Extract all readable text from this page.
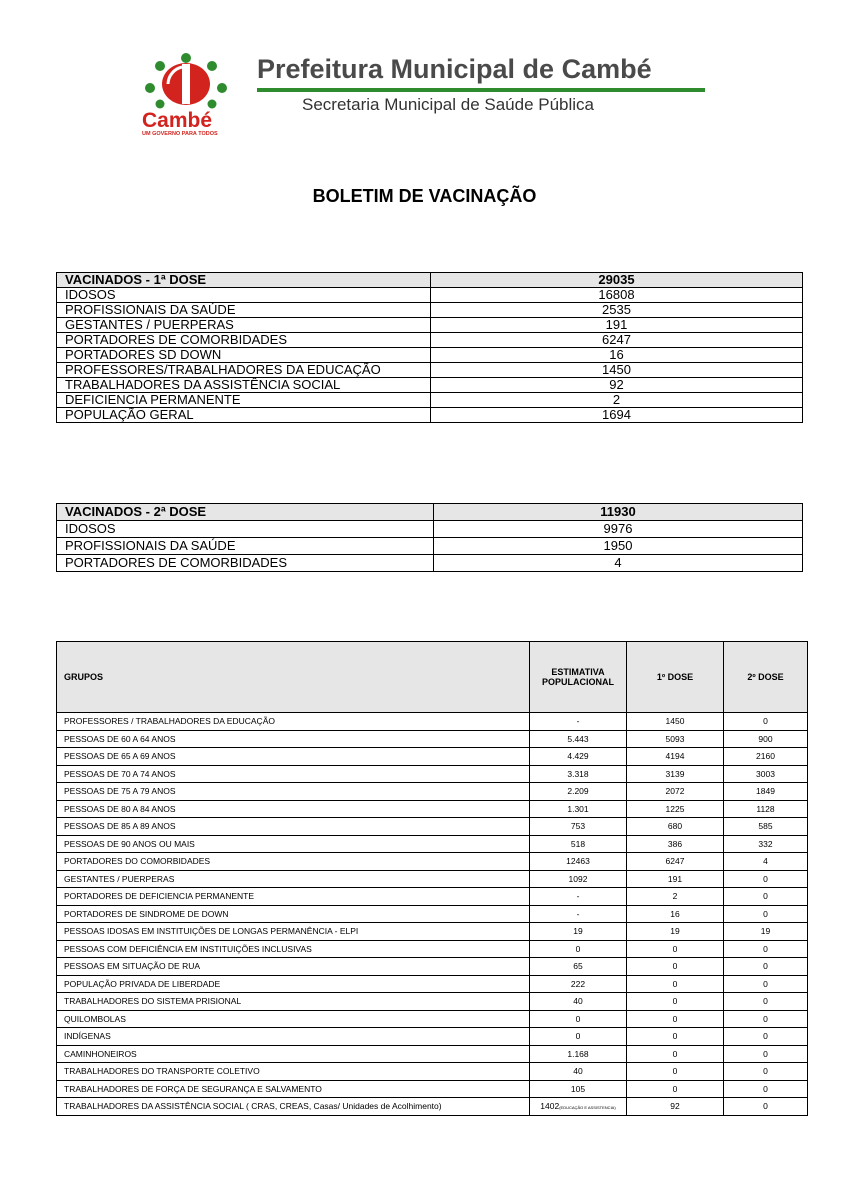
Cambé
UM GOVERNO PARA TODOS
Prefeitura Municipal de Cambé
Secretaria Municipal de Saúde Pública
BOLETIM DE VACINAÇÃO
VACINADOS - 1ª DOSE	29035
IDOSOS	16808
PROFISSIONAIS DA SAÚDE	2535
GESTANTES / PUERPERAS	191
PORTADORES DE COMORBIDADES	6247
PORTADORES SD DOWN	16
PROFESSORES/TRABALHADORES DA EDUCAÇÃO	1450
TRABALHADORES DA ASSISTÊNCIA SOCIAL	92
DEFICIENCIA PERMANENTE	2
POPULAÇÃO GERAL	1694
VACINADOS - 2ª DOSE	11930
IDOSOS	9976
PROFISSIONAIS DA SAÚDE	1950
PORTADORES DE COMORBIDADES	4
GRUPOS	ESTIMATIVA POPULACIONAL	1º DOSE	2º DOSE
PROFESSORES / TRABALHADORES DA EDUCAÇÃO	-	1450	0
PESSOAS DE 60 A 64 ANOS	5.443	5093	900
PESSOAS DE 65 A 69 ANOS	4.429	4194	2160
PESSOAS DE 70 A 74 ANOS	3.318	3139	3003
PESSOAS DE 75 A 79 ANOS	2.209	2072	1849
PESSOAS DE 80 A 84 ANOS	1.301	1225	1128
PESSOAS DE 85 A 89 ANOS	753	680	585
PESSOAS DE 90 ANOS OU MAIS	518	386	332
PORTADORES DO COMORBIDADES	12463	6247	4
GESTANTES / PUERPERAS	1092	191	0
PORTADORES DE DEFICIENCIA PERMANENTE	-	2	0
PORTADORES DE SINDROME DE DOWN	-	16	0
PESSOAS IDOSAS EM INSTITUIÇÕES DE LONGAS PERMANÊNCIA - ELPI	19	19	19
PESSOAS COM DEFICIÊNCIA EM INSTITUIÇÕES INCLUSIVAS	0	0	0
PESSOAS EM SITUAÇÃO DE RUA	65	0	0
POPULAÇÃO PRIVADA DE LIBERDADE	222	0	0
TRABALHADORES DO SISTEMA PRISIONAL	40	0	0
QUILOMBOLAS	0	0	0
INDÍGENAS	0	0	0
CAMINHONEIROS	1.168	0	0
TRABALHADORES DO TRANSPORTE COLETIVO	40	0	0
TRABALHADORES DE FORÇA DE SEGURANÇA E SALVAMENTO	105	0	0
TRABALHADORES DA ASSISTÊNCIA SOCIAL ( CRAS, CREAS, Casas/ Unidades de Acolhimento)	1402(EDUCAÇÃO E ASSISTENCIA)	92	0
